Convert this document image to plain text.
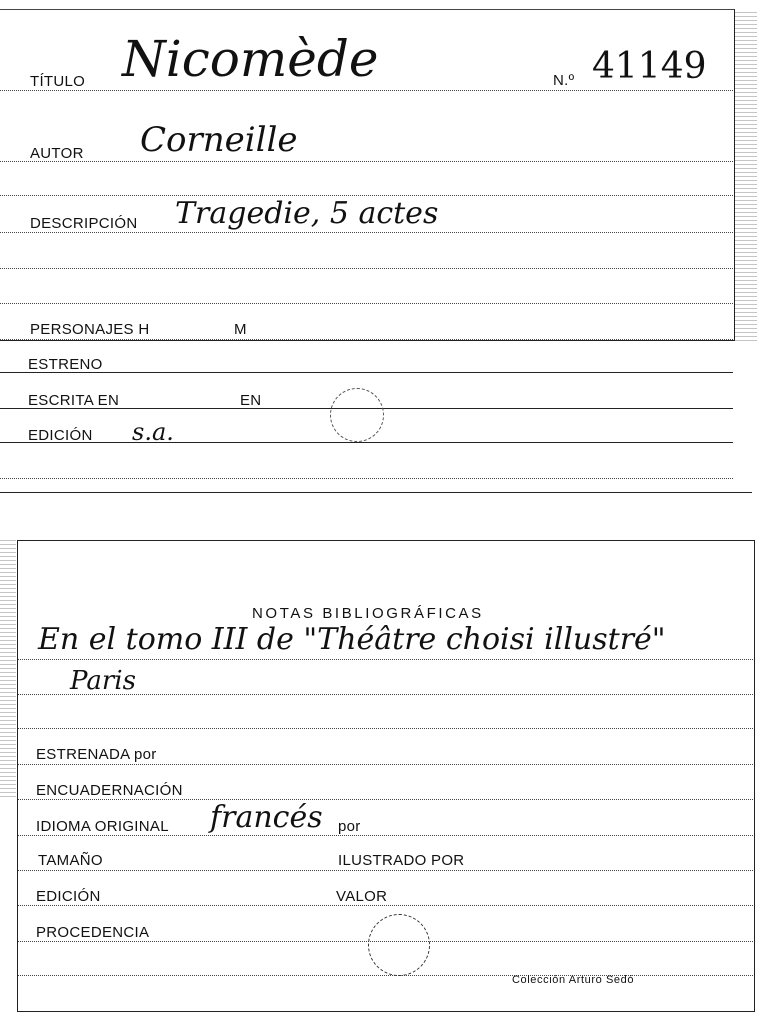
TÍTULO Nicomède	N.º 41149
AUTOR Corneille
DESCRIPCIÓN Tragedie, 5 actes
PERSONAJES H	M
ESTRENO
ESCRITA EN	EN
EDICIÓN s.a.
NOTAS BIBLIOGRÁFICAS
En el tomo III de "Théâtre choisi illustré"
Paris
ESTRENADA por
ENCUADERNACIÓN
IDIOMA ORIGINAL francés por
TAMAÑO	ILUSTRADO POR
EDICIÓN	VALOR
PROCEDENCIA
Colección Arturo Sedó
